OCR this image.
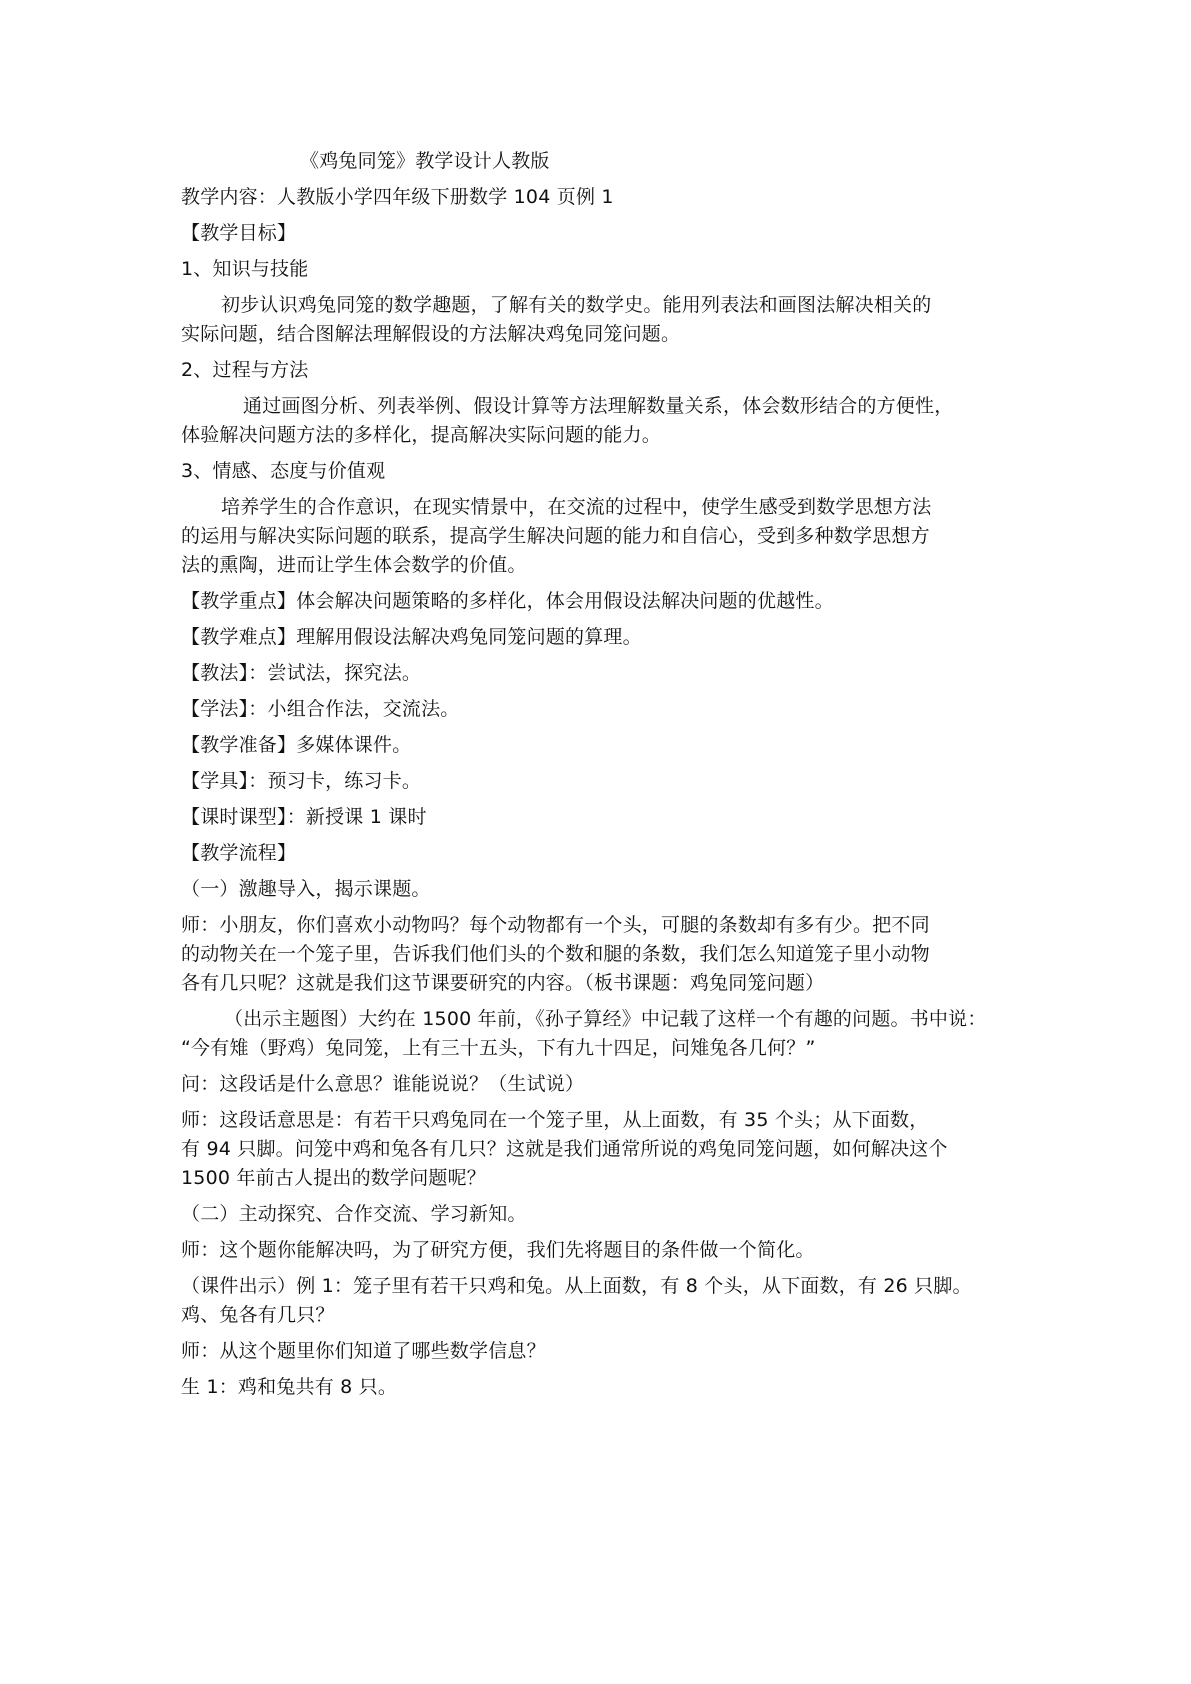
《鸡兔同笼》教学设计人教版
教学内容：人教版小学四年级下册数学 104 页例 1
【教学目标】
1、知识与技能
初步认识鸡兔同笼的数学趣题，了解有关的数学史。能用列表法和画图法解决相关的
实际问题，结合图解法理解假设的方法解决鸡兔同笼问题。
2、过程与方法
通过画图分析、列表举例、假设计算等方法理解数量关系，体会数形结合的方便性，
体验解决问题方法的多样化，提高解决实际问题的能力。
3、情感、态度与价值观
培养学生的合作意识，在现实情景中，在交流的过程中，使学生感受到数学思想方法
的运用与解决实际问题的联系，提高学生解决问题的能力和自信心，受到多种数学思想方
法的熏陶，进而让学生体会数学的价值。
【教学重点】体会解决问题策略的多样化，体会用假设法解决问题的优越性。
【教学难点】理解用假设法解决鸡兔同笼问题的算理。
【教法】：尝试法，探究法。
【学法】：小组合作法，交流法。
【教学准备】多媒体课件。
【学具】：预习卡，练习卡。
【课时课型】：新授课 1 课时
【教学流程】
（一）激趣导入，揭示课题。
师：小朋友，你们喜欢小动物吗？每个动物都有一个头，可腿的条数却有多有少。把不同
的动物关在一个笼子里，告诉我们他们头的个数和腿的条数，我们怎么知道笼子里小动物
各有几只呢？这就是我们这节课要研究的内容。（板书课题：鸡兔同笼问题）
（出示主题图）大约在 1500 年前，《孙子算经》中记载了这样一个有趣的问题。书中说：
“今有雉（野鸡）兔同笼，上有三十五头，下有九十四足，问雉兔各几何？”
问：这段话是什么意思？谁能说说？（生试说）
师：这段话意思是：有若干只鸡兔同在一个笼子里，从上面数，有 35 个头；从下面数，
有 94 只脚。问笼中鸡和兔各有几只？这就是我们通常所说的鸡兔同笼问题，如何解决这个
1500 年前古人提出的数学问题呢？
（二）主动探究、合作交流、学习新知。
师：这个题你能解决吗，为了研究方便，我们先将题目的条件做一个简化。
（课件出示）例 1：笼子里有若干只鸡和兔。从上面数，有 8 个头，从下面数，有 26 只脚。
鸡、兔各有几只？
师：从这个题里你们知道了哪些数学信息？
生 1：鸡和兔共有 8 只。
